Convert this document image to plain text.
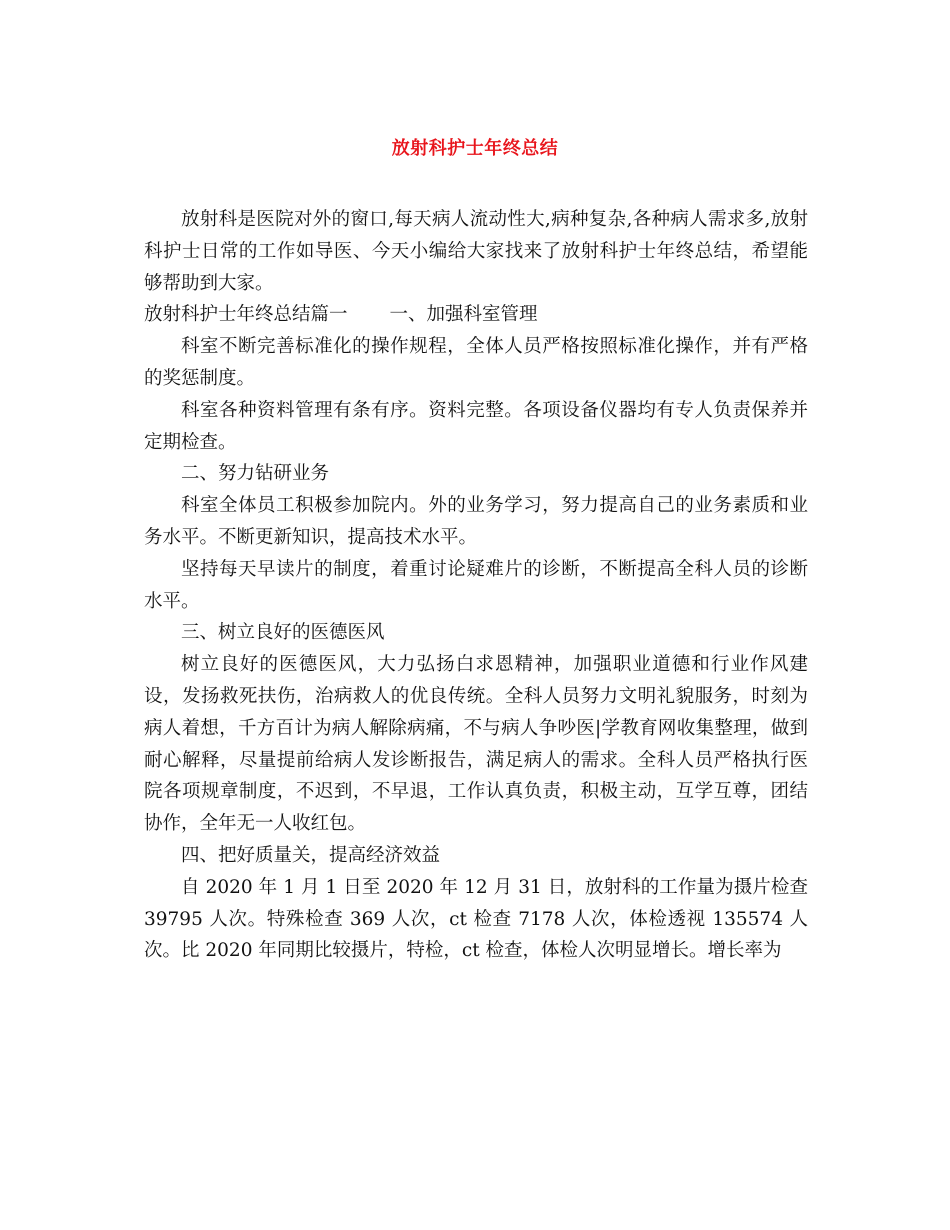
放射科护士年终总结

放射科是医院对外的窗口,每天病人流动性大,病种复杂,各种病人需求多,放射科护士日常的工作如导医、今天小编给大家找来了放射科护士年终总结，希望能够帮助到大家。

放射科护士年终总结篇一 一、加强科室管理

科室不断完善标准化的操作规程，全体人员严格按照标准化操作，并有严格的奖惩制度。

科室各种资料管理有条有序。资料完整。各项设备仪器均有专人负责保养并定期检查。

二、努力钻研业务

科室全体员工积极参加院内。外的业务学习，努力提高自己的业务素质和业务水平。不断更新知识，提高技术水平。

坚持每天早读片的制度，着重讨论疑难片的诊断，不断提高全科人员的诊断水平。

三、树立良好的医德医风

树立良好的医德医风，大力弘扬白求恩精神，加强职业道德和行业作风建设，发扬救死扶伤，治病救人的优良传统。全科人员努力文明礼貌服务，时刻为病人着想，千方百计为病人解除病痛，不与病人争吵医|学教育网收集整理，做到耐心解释，尽量提前给病人发诊断报告，满足病人的需求。全科人员严格执行医院各项规章制度，不迟到，不早退，工作认真负责，积极主动，互学互尊，团结协作，全年无一人收红包。

四、把好质量关，提高经济效益

自 2020 年 1 月 1 日至 2020 年 12 月 31 日，放射科的工作量为摄片检查 39795 人次。特殊检查 369 人次，ct 检查 7178 人次，体检透视 135574 人次。比 2020 年同期比较摄片，特检，ct 检查，体检人次明显增长。增长率为
